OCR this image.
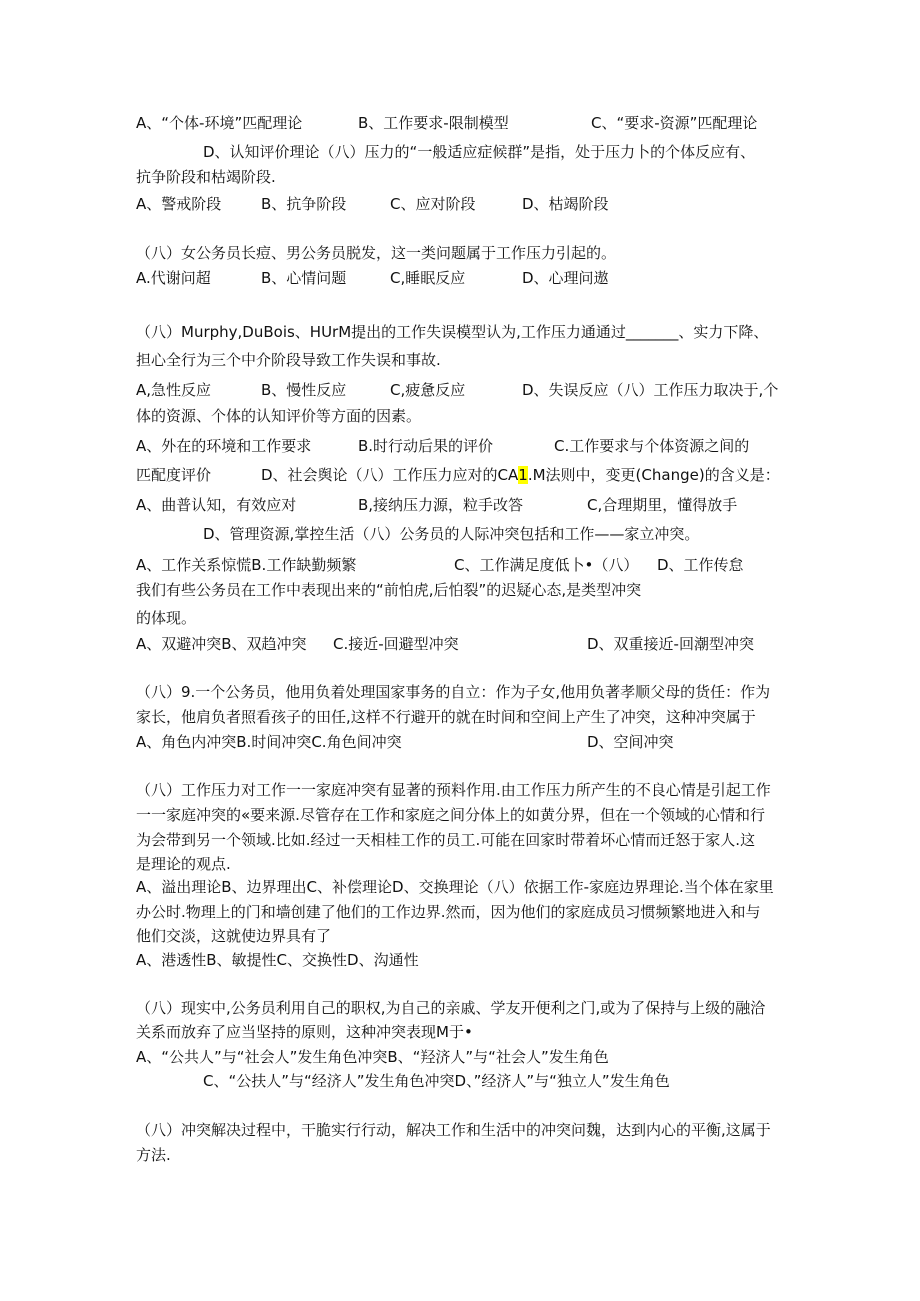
A、“个体-环境”匹配理论	B、工作要求-限制模型	C、“要求-资源”匹配理论
D、认知评价理论（八）压力的“一般适应症候群”是指，处于压力卜的个体反应有、
抗争阶段和枯竭阶段.
A、警戒阶段	B、抗争阶段	C、应对阶段	D、枯竭阶段
（八）女公务员长痘、男公务员脱发，这一类问题属于工作压力引起的。
A.代谢问超	B、心情问题	C,睡眠反应	D、心理问遨
（八）Murphy,DuBois、HUrM提出的工作失误模型认为,工作压力通通过_______、实力下降、
担心全行为三个中介阶段导致工作失误和事故.
A,急性反应	B、慢性反应	C,疲惫反应	D、失误反应（八）工作压力取决于,个
体的资源、个体的认知评价等方面的因素。
A、外在的环境和工作要求	B.时行动后果的评价	C.工作要求与个体资源之间的
匹配度评价	D、社会舆论（八）工作压力应对的CA1.M法则中，变更(Change)的含义是：
A、曲普认知，有效应对	B,接纳压力源，粒手改答	C,合理期里，懂得放手
D、管理资源,掌控生活（八）公务员的人际冲突包括和工作——家立冲突。
A、工作关系惊慌B.工作缺勤频繁	C、工作满足度低卜•（八） D、工作传怠
我们有些公务员在工作中表现出来的“前怕虎,后怕裂”的迟疑心态,是类型冲突
的体现。
A、双避冲突B、双趋冲突 C.接近-回避型冲突	D、双重接近-回潮型冲突
（八）9.一个公务员，他用负着处理国家事务的自立：作为子女,他用负著孝顺父母的货任：作为
家长，他肩负者照看孩子的田任,这样不行避开的就在时间和空间上产生了冲突，这种冲突属于
A、角色内冲突B.时间冲突C.角色间冲突	D、空间冲突
（八）工作压力对工作一一家庭冲突有显著的预料作用.由工作压力所产生的不良心情是引起工作
一一家庭冲突的«要来源.尽管存在工作和家庭之间分体上的如黄分界，但在一个领域的心情和行
为会带到另一个领域.比如.经过一天相桂工作的员工.可能在回家时带着坏心情而迁怒于家人.这
是理论的观点.
A、溢出理论B、边界理出C、补偿理论D、交换理论（八）依据工作-家庭边界理论.当个体在家里
办公时.物理上的门和墙创建了他们的工作边界.然而，因为他们的家庭成员习惯频繁地进入和与
他们交淡，这就使边界具有了
A、港透性B、敏提性C、交换性D、沟通性
（八）现实中,公务员利用自己的职权,为自己的亲戚、学友开便利之门,或为了保持与上级的融洽
关系而放弃了应当坚持的原则，这种冲突表现M于•
A、“公共人”与“社会人”发生角色冲突B、“羟济人”与“社会人”发生角色
C、“公扶人”与“经济人”发生角色冲突D、”经济人”与“独立人”发生角色
（八）冲突解决过程中，干脆实行行动，解决工作和生活中的冲突问魏，达到内心的平衡,这属于
方法.
